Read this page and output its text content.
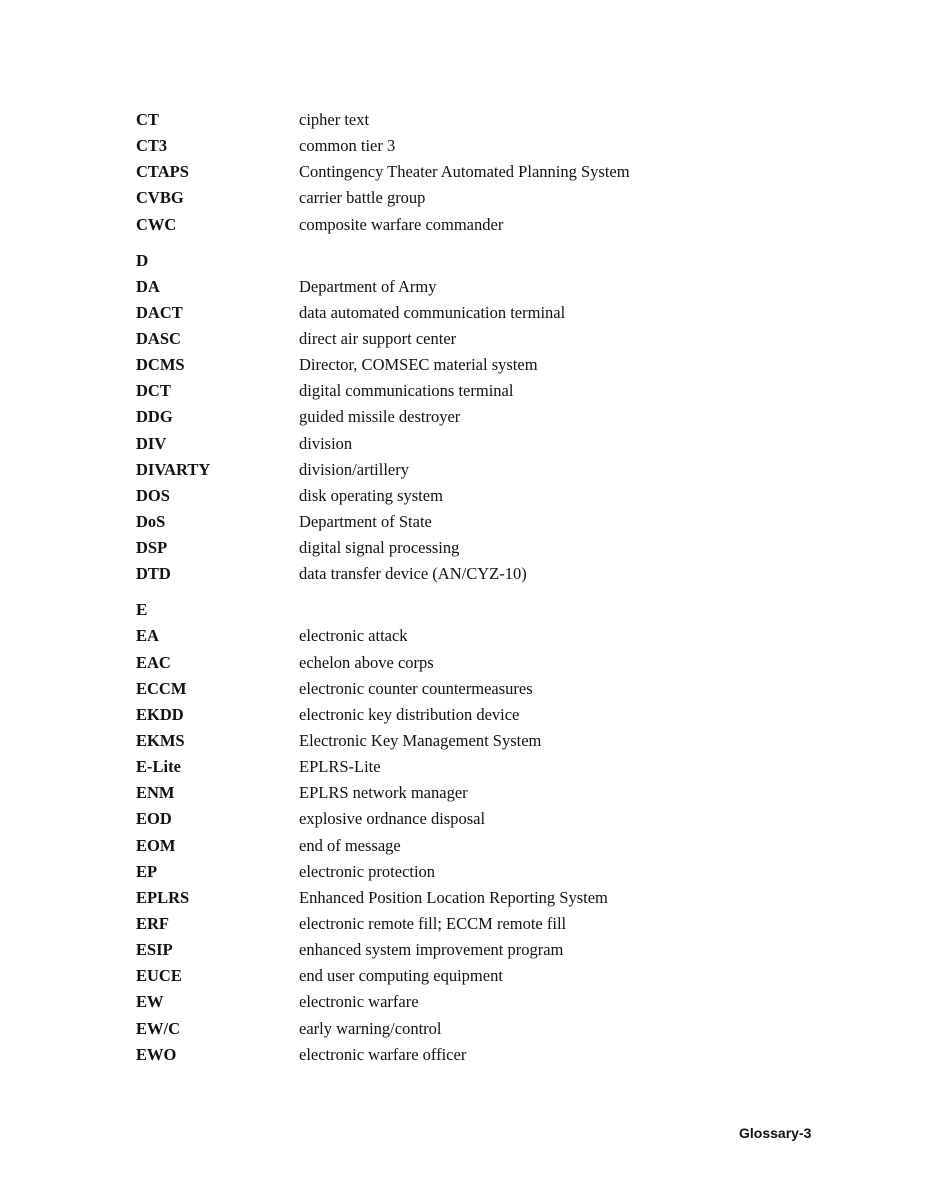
CT	cipher text
CT3	common tier 3
CTAPS	Contingency Theater Automated Planning System
CVBG	carrier battle group
CWC	composite warfare commander
D
DA	Department of Army
DACT	data automated communication terminal
DASC	direct air support center
DCMS	Director, COMSEC material system
DCT	digital communications terminal
DDG	guided missile destroyer
DIV	division
DIVARTY	division/artillery
DOS	disk operating system
DoS	Department of State
DSP	digital signal processing
DTD	data transfer device (AN/CYZ-10)
E
EA	electronic attack
EAC	echelon above corps
ECCM	electronic counter countermeasures
EKDD	electronic key distribution device
EKMS	Electronic Key Management System
E-Lite	EPLRS-Lite
ENM	EPLRS network manager
EOD	explosive ordnance disposal
EOM	end of message
EP	electronic protection
EPLRS	Enhanced Position Location Reporting System
ERF	electronic remote fill; ECCM remote fill
ESIP	enhanced system improvement program
EUCE	end user computing equipment
EW	electronic warfare
EW/C	early warning/control
EWO	electronic warfare officer
Glossary-3
